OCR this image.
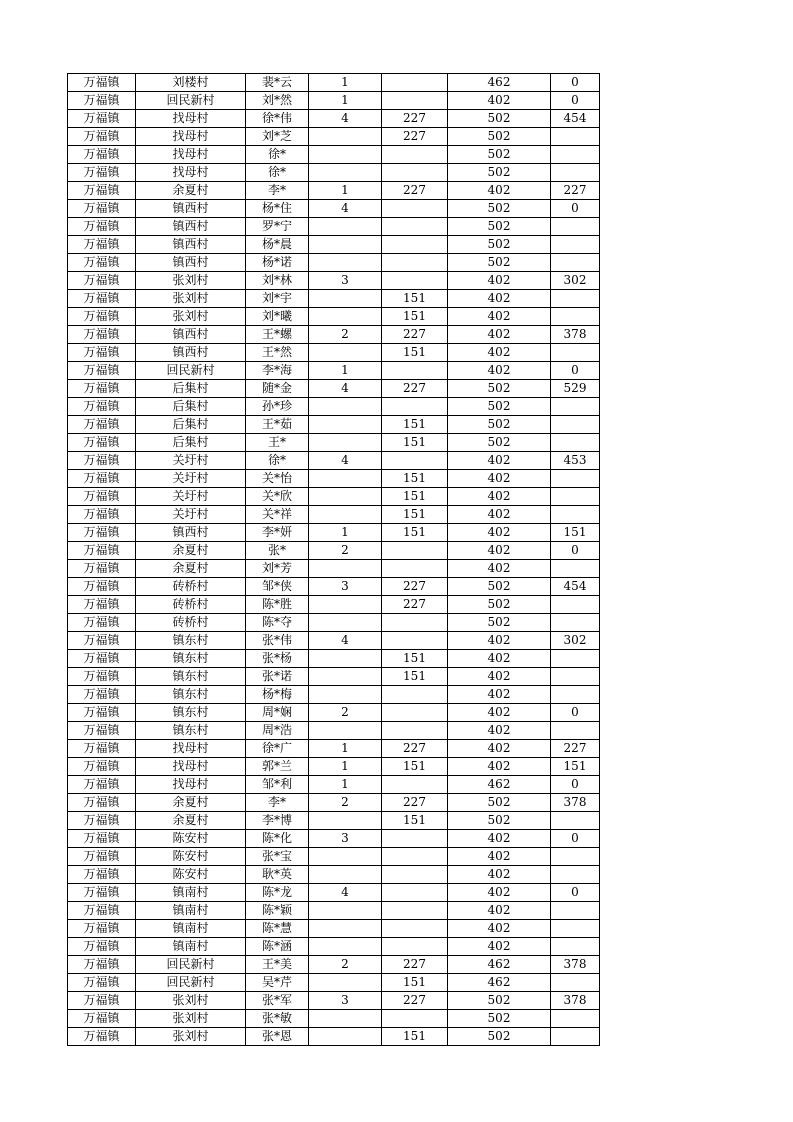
万福镇	刘楼村	裴*云	1		462	0
万福镇	回民新村	刘*然	1		402	0
万福镇	找母村	徐*伟	4	227	502	454
万福镇	找母村	刘*芝		227	502	
万福镇	找母村	徐*			502	
万福镇	找母村	徐*			502	
万福镇	余夏村	李*	1	227	402	227
万福镇	镇西村	杨*住	4		502	0
万福镇	镇西村	罗*宁			502	
万福镇	镇西村	杨*晨			502	
万福镇	镇西村	杨*诺			502	
万福镇	张刘村	刘*林	3		402	302
万福镇	张刘村	刘*宇		151	402	
万福镇	张刘村	刘*曦		151	402	
万福镇	镇西村	王*螺	2	227	402	378
万福镇	镇西村	王*然		151	402	
万福镇	回民新村	李*海	1		402	0
万福镇	后集村	随*金	4	227	502	529
万福镇	后集村	孙*珍			502	
万福镇	后集村	王*茹		151	502	
万福镇	后集村	王*		151	502	
万福镇	关圩村	徐*	4		402	453
万福镇	关圩村	关*怡		151	402	
万福镇	关圩村	关*欣		151	402	
万福镇	关圩村	关*祥		151	402	
万福镇	镇西村	李*妍	1	151	402	151
万福镇	余夏村	张*	2		402	0
万福镇	余夏村	刘*芳			402	
万福镇	砖桥村	邹*侠	3	227	502	454
万福镇	砖桥村	陈*胜		227	502	
万福镇	砖桥村	陈*夺			502	
万福镇	镇东村	张*伟	4		402	302
万福镇	镇东村	张*杨		151	402	
万福镇	镇东村	张*诺		151	402	
万福镇	镇东村	杨*梅			402	
万福镇	镇东村	周*娴	2		402	0
万福镇	镇东村	周*浩			402	
万福镇	找母村	徐*广	1	227	402	227
万福镇	找母村	郭*兰	1	151	402	151
万福镇	找母村	邹*利	1		462	0
万福镇	余夏村	李*	2	227	502	378
万福镇	余夏村	李*博		151	502	
万福镇	陈安村	陈*化	3		402	0
万福镇	陈安村	张*宝			402	
万福镇	陈安村	耿*英			402	
万福镇	镇南村	陈*龙	4		402	0
万福镇	镇南村	陈*颖			402	
万福镇	镇南村	陈*慧			402	
万福镇	镇南村	陈*涵			402	
万福镇	回民新村	王*美	2	227	462	378
万福镇	回民新村	吴*芹		151	462	
万福镇	张刘村	张*军	3	227	502	378
万福镇	张刘村	张*敏			502	
万福镇	张刘村	张*恩		151	502	
